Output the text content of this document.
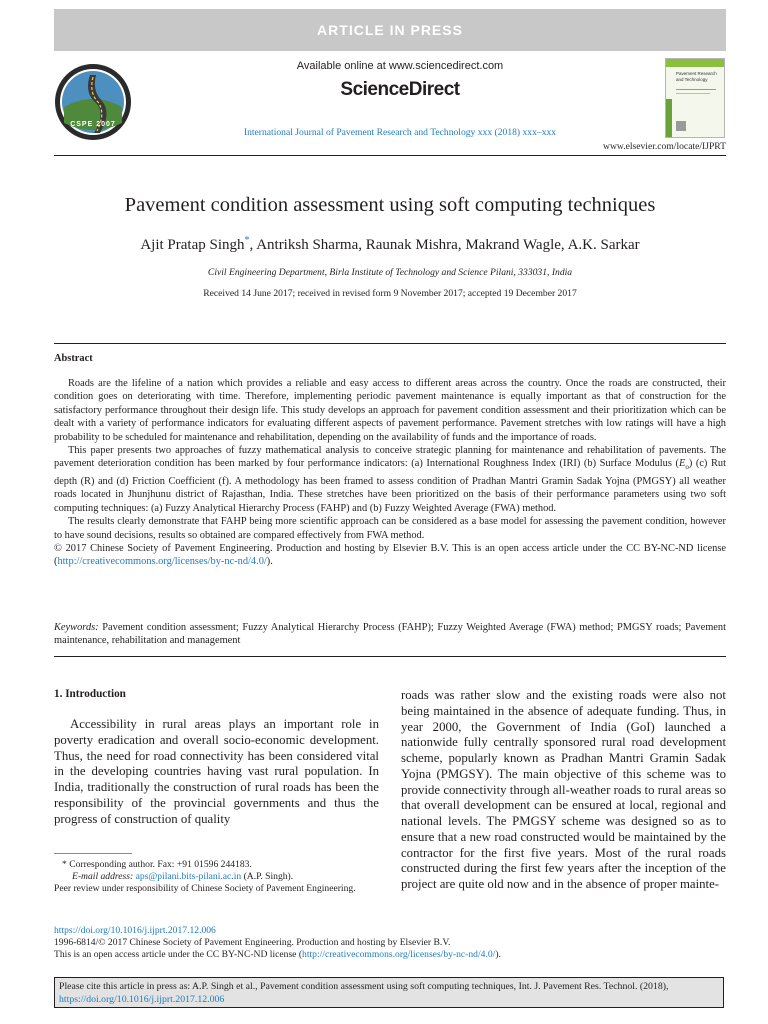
ARTICLE IN PRESS
CSPE 2007
Available online at www.sciencedirect.com
ScienceDirect
International Journal of Pavement Research and Technology xxx (2018) xxx–xxx
Pavement Research and Technology
www.elsevier.com/locate/IJPRT
Pavement condition assessment using soft computing techniques
Ajit Pratap Singh*, Antriksh Sharma, Raunak Mishra, Makrand Wagle, A.K. Sarkar
Civil Engineering Department, Birla Institute of Technology and Science Pilani, 333031, India
Received 14 June 2017; received in revised form 9 November 2017; accepted 19 December 2017
Abstract

Roads are the lifeline of a nation which provides a reliable and easy access to different areas across the country. Once the roads are constructed, their condition goes on deteriorating with time. Therefore, implementing periodic pavement maintenance is equally important as that of construction for the satisfactory performance throughout their design life. This study develops an approach for pavement condition assessment and their prioritization which can be dealt with a variety of performance indicators for evaluating different aspects of pavement performance. Pavement stretches with low ratings will have a high probability to be scheduled for maintenance and rehabilitation, depending on the availability of funds and the importance of roads.

This paper presents two approaches of fuzzy mathematical analysis to conceive strategic planning for maintenance and rehabilitation of pavements. The pavement deterioration condition has been marked by four performance indicators: (a) International Roughness Index (IRI) (b) Surface Modulus $(E_o)$ (c) Rut depth (R) and (d) Friction Coefficient (f). A methodology has been framed to assess condition of Pradhan Mantri Gramin Sadak Yojna (PMGSY) all weather roads located in Jhunjhunu district of Rajasthan, India. These stretches have been prioritized on the basis of their performance parameters using two soft computing techniques: (a) Fuzzy Analytical Hierarchy Process (FAHP) and (b) Fuzzy Weighted Average (FWA) method.

The results clearly demonstrate that FAHP being more scientific approach can be considered as a base model for assessing the pavement condition, however to have sound decisions, results so obtained are compared effectively from FWA method.

© 2017 Chinese Society of Pavement Engineering. Production and hosting by Elsevier B.V. This is an open access article under the CC BY-NC-ND license (http://creativecommons.org/licenses/by-nc-nd/4.0/).

Keywords: Pavement condition assessment; Fuzzy Analytical Hierarchy Process (FAHP); Fuzzy Weighted Average (FWA) method; PMGSY roads; Pavement maintenance, rehabilitation and management
1. Introduction

Accessibility in rural areas plays an important role in poverty eradication and overall socio-economic development. Thus, the need for road connectivity has been considered vital in the developing countries having vast rural population. In India, traditionally the construction of rural roads has been the responsibility of the provincial governments and thus the progress of construction of quality

roads was rather slow and the existing roads were also not being maintained in the absence of adequate funding. Thus, in year 2000, the Government of India (GoI) launched a nationwide fully centrally sponsored rural road development scheme, popularly known as Pradhan Mantri Gramin Sadak Yojna (PMGSY). The main objective of this scheme was to provide connectivity through all-weather roads to rural areas so that overall development can be ensured at local, regional and national levels. The PMGSY scheme was designed so as to ensure that a new road constructed would be maintained by the contractor for the first five years. Most of the rural roads constructed during the first few years after the inception of the project are quite old now and in the absence of proper mainte-

* Corresponding author. Fax: +91 01596 244183.
E-mail address: aps@pilani.bits-pilani.ac.in (A.P. Singh).
Peer review under responsibility of Chinese Society of Pavement Engineering.
https://doi.org/10.1016/j.ijprt.2017.12.006
1996-6814/© 2017 Chinese Society of Pavement Engineering. Production and hosting by Elsevier B.V.
This is an open access article under the CC BY-NC-ND license (http://creativecommons.org/licenses/by-nc-nd/4.0/).
Please cite this article in press as: A.P. Singh et al., Pavement condition assessment using soft computing techniques, Int. J. Pavement Res. Technol. (2018), https://doi.org/10.1016/j.ijprt.2017.12.006
